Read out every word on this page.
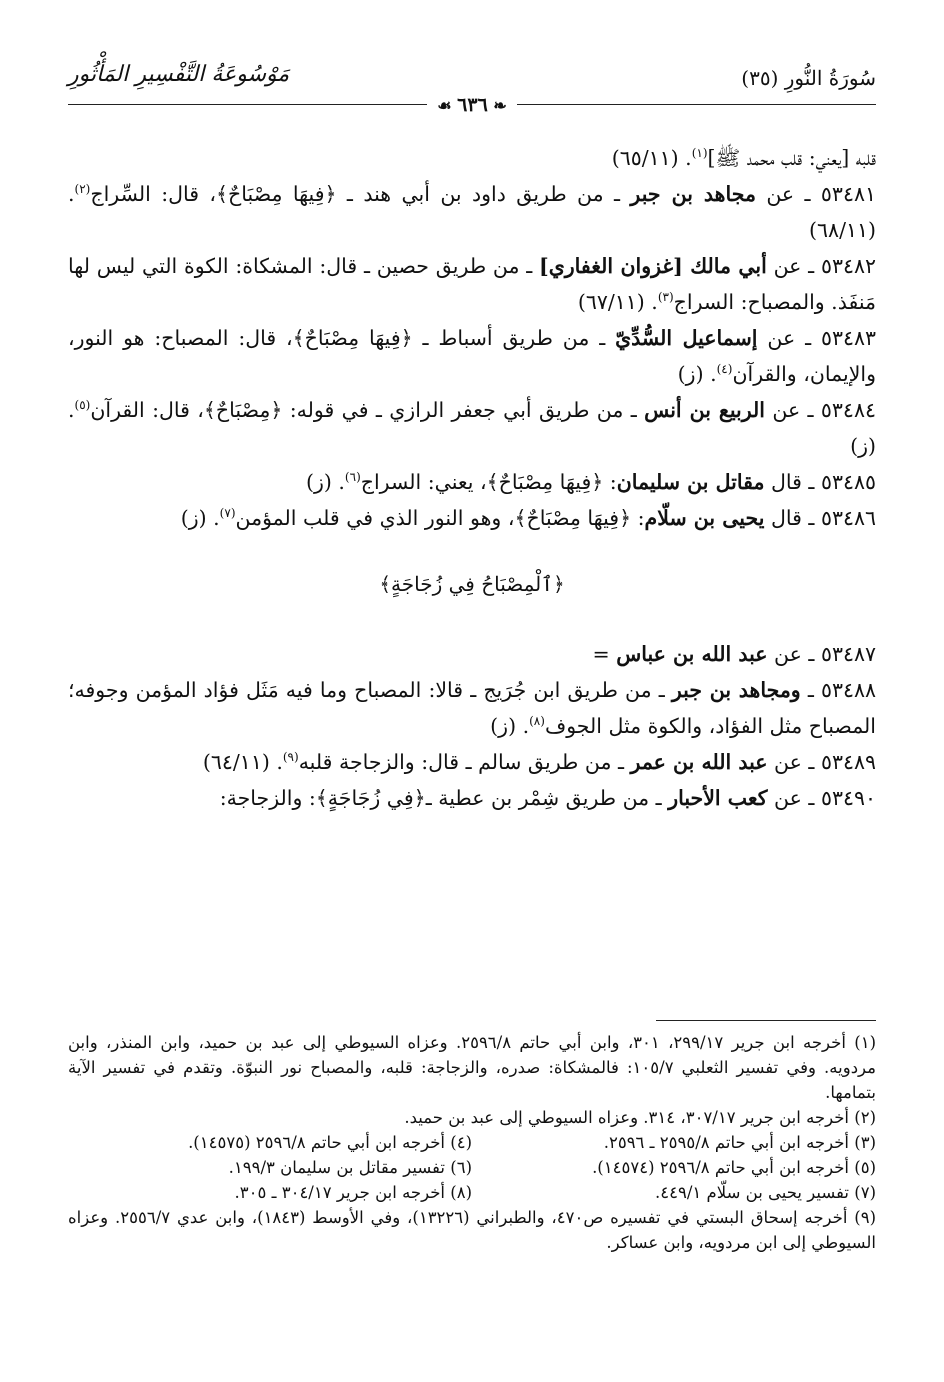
سُورَةُ النُّورِ (٣٥)
مَوْسُوعَةُ التَّفْسِيرِ المَأْثُورِ
❧ ٦٣٦ ☙

قلبه [يعني: قلب محمد ﷺ]$^{(١)}$. (٦٥/١١)

٥٣٤٨١ ـ عن مجاهد بن جبر ـ من طريق داود بن أبي هند ـ ﴿فِيهَا مِصْبَاحٌ﴾، قال: السِّراج$^{(٢)}$. (٦٨/١١)

٥٣٤٨٢ ـ عن أبي مالك [غزوان الغفاري] ـ من طريق حصين ـ قال: المشكاة: الكوة التي ليس لها مَنفَذ. والمصباح: السراج$^{(٣)}$. (٦٧/١١)

٥٣٤٨٣ ـ عن إسماعيل السُّدِّيّ ـ من طريق أسباط ـ ﴿فِيهَا مِصْبَاحٌ﴾، قال: المصباح: هو النور، والإيمان، والقرآن$^{(٤)}$. (ز)

٥٣٤٨٤ ـ عن الربيع بن أنس ـ من طريق أبي جعفر الرازي ـ في قوله: ﴿مِصْبَاحٌ﴾، قال: القرآن$^{(٥)}$. (ز)

٥٣٤٨٥ ـ قال مقاتل بن سليمان: ﴿فِيهَا مِصْبَاحٌ﴾، يعني: السراج$^{(٦)}$. (ز)

٥٣٤٨٦ ـ قال يحيى بن سلّام: ﴿فِيهَا مِصْبَاحٌ﴾، وهو النور الذي في قلب المؤمن$^{(٧)}$. (ز)

﴿ٱلْمِصْبَاحُ فِي زُجَاجَةٍ﴾

٥٣٤٨٧ ـ عن عبد الله بن عباس =

٥٣٤٨٨ ـ ومجاهد بن جبر ـ من طريق ابن جُرَيج ـ قالا: المصباح وما فيه مَثَل فؤاد المؤمن وجوفه؛ المصباح مثل الفؤاد، والكوة مثل الجوف$^{(٨)}$. (ز)

٥٣٤٨٩ ـ عن عبد الله بن عمر ـ من طريق سالم ـ قال: والزجاجة قلبه$^{(٩)}$. (٦٤/١١)

٥٣٤٩٠ ـ عن كعب الأحبار ـ من طريق شِمْر بن عطية ـ﴿فِي زُجَاجَةٍ﴾: والزجاجة:

(١) أخرجه ابن جرير ٢٩٩/١٧، ٣٠١، وابن أبي حاتم ٢٥٩٦/٨. وعزاه السيوطي إلى عبد بن حميد، وابن المنذر، وابن مردويه. وفي تفسير الثعلبي ١٠٥/٧: فالمشكاة: صدره، والزجاجة: قلبه، والمصباح نور النبوّة. وتقدم في تفسير الآية بتمامها.

(٢) أخرجه ابن جرير ٣٠٧/١٧، ٣١٤. وعزاه السيوطي إلى عبد بن حميد.

(٣) أخرجه ابن أبي حاتم ٢٥٩٥/٨ ـ ٢٥٩٦.
(٤) أخرجه ابن أبي حاتم ٢٥٩٦/٨ (١٤٥٧٥).
(٥) أخرجه ابن أبي حاتم ٢٥٩٦/٨ (١٤٥٧٤).
(٦) تفسير مقاتل بن سليمان ١٩٩/٣.
(٧) تفسير يحيى بن سلّام ٤٤٩/١.
(٨) أخرجه ابن جرير ٣٠٤/١٧ ـ ٣٠٥.

(٩) أخرجه إسحاق البستي في تفسيره ص٤٧٠، والطبراني (١٣٢٢٦)، وفي الأوسط (١٨٤٣)، وابن عدي ٢٥٥٦/٧. وعزاه السيوطي إلى ابن مردويه، وابن عساكر.
